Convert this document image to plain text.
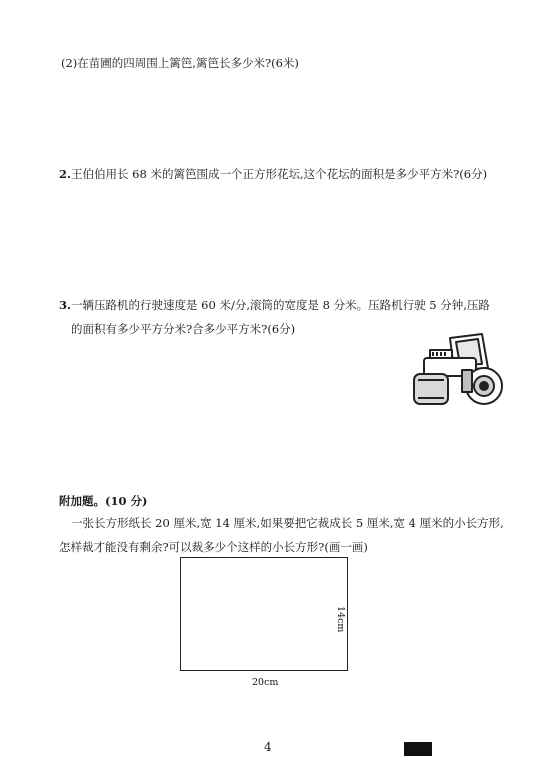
(2)在苗圃的四周围上篱笆,篱笆长多少米?(6米)
2. 王伯伯用长 68 米的篱笆围成一个正方形花坛,这个花坛的面积是多少平方米?(6分)
3. 一辆压路机的行驶速度是 60 米/分,滚筒的宽度是 8 分米。压路机行驶 5 分钟,压路
的面积有多少平方分米?合多少平方米?(6分)
附加题。(10 分)
一张长方形纸长 20 厘米,宽 14 厘米,如果要把它裁成长 5 厘米,宽 4 厘米的小长方形,
怎样裁才能没有剩余?可以裁多少个这样的小长方形?(画一画)
20cm
14cm
4
